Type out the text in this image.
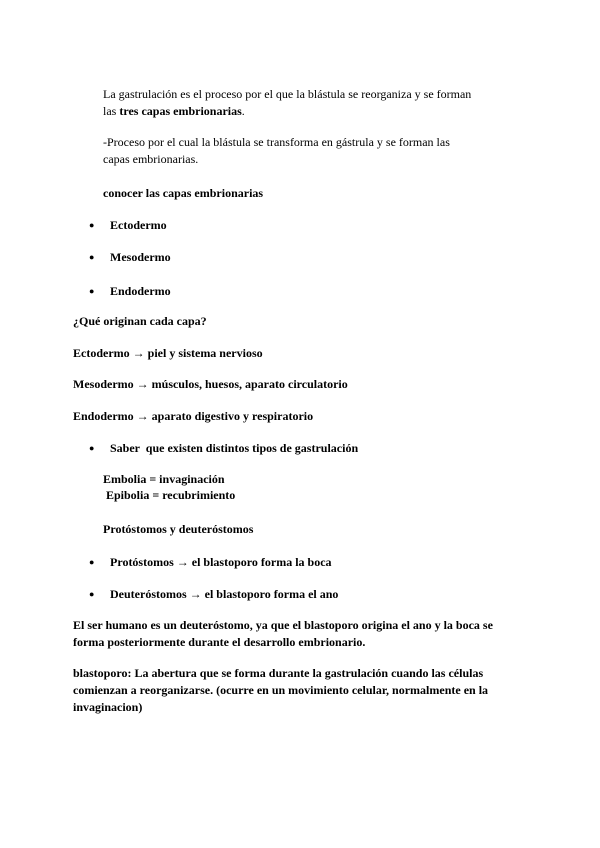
La gastrulación es el proceso por el que la blástula se reorganiza y se forman

las tres capas embrionarias.

-Proceso por el cual la blástula se transforma en gástrula y se forman las

capas embrionarias.

conocer las capas embrionarias

● Ectodermo

● Mesodermo

● Endodermo

¿Qué originan cada capa?

Ectodermo → piel y sistema nervioso

Mesodermo → músculos, huesos, aparato circulatorio

Endodermo → aparato digestivo y respiratorio

● Saber  que existen distintos tipos de gastrulación

Embolia = invaginación

Epibolia = recubrimiento

Protóstomos y deuteróstomos

● Protóstomos → el blastoporo forma la boca

● Deuteróstomos → el blastoporo forma el ano

El ser humano es un deuteróstomo, ya que el blastoporo origina el ano y la boca se

forma posteriormente durante el desarrollo embrionario.

blastoporo: La abertura que se forma durante la gastrulación cuando las células

comienzan a reorganizarse. (ocurre en un movimiento celular, normalmente en la

invaginacion)
